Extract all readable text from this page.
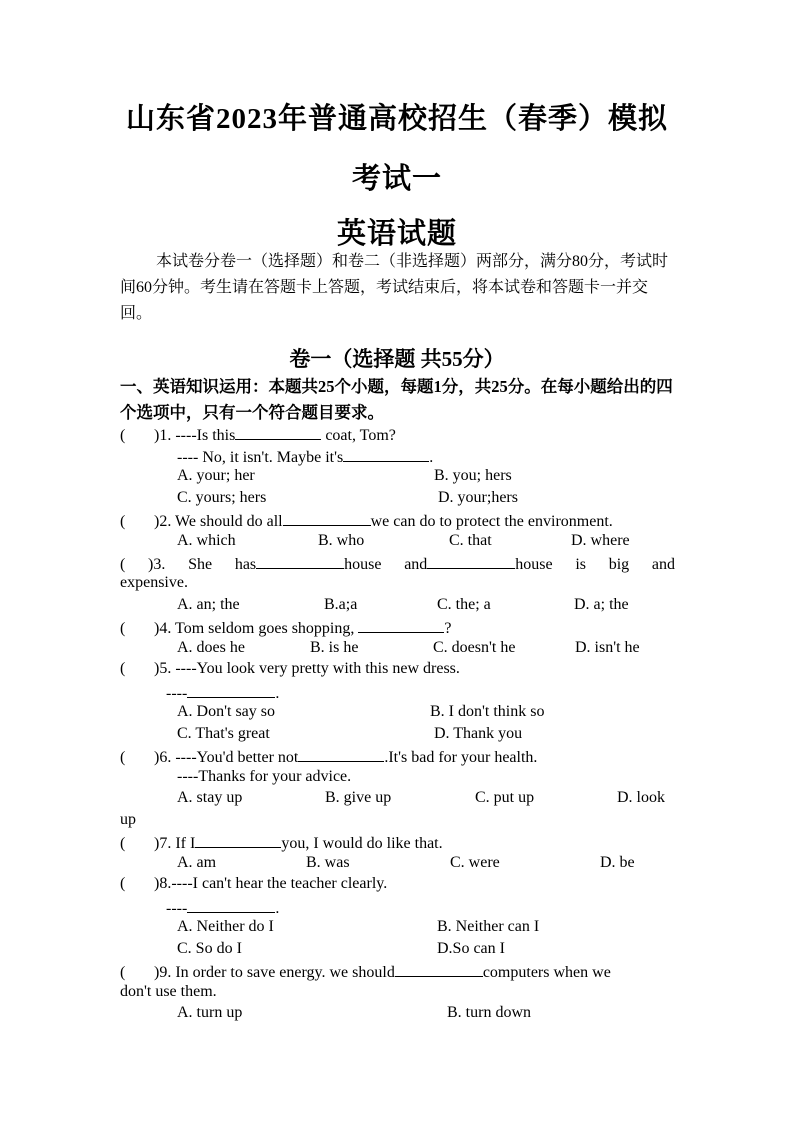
山东省2023年普通高校招生（春季）模拟
考试一
英语试题
本试卷分卷一（选择题）和卷二（非选择题）两部分，满分80分，考试时间60分钟。考生请在答题卡上答题，考试结束后，将本试卷和答题卡一并交回。
卷一（选择题 共55分）
一、英语知识运用：本题共25个小题，每题1分，共25分。在每小题给出的四个选项中，只有一个符合题目要求。
( )1. ----Is this	coat, Tom?
---- No, it isn't. Maybe it's	.
A. your; her	B. you; hers
C. yours; hers	D. your;hers
( )2. We should do all	we can do to protect the environment.
A. which	B. who	C. that	D. where
( )3. She has	house and	house is big and
expensive.
A. an; the	B.a;a	C. the; a	D. a; the
( )4. Tom seldom goes shopping,	?
A. does he	B. is he	C. doesn't he	D. isn't he
( )5. ----You look very pretty with this new dress.
----	.
A. Don't say so	B. I don't think so
C. That's great	D. Thank you
( )6. ----You'd better not	.It's bad for your health.
----Thanks for your advice.
A. stay up	B. give up	C. put up	D. look
up
( )7. If I	you, I would do like that.
A. am	B. was	C. were	D. be
( )8.----I can't hear the teacher clearly.
----	.
A. Neither do I	B. Neither can I
C. So do I	D.So can I
( )9. In order to save energy. we should	computers when we
don't use them.
A. turn up	B. turn down
